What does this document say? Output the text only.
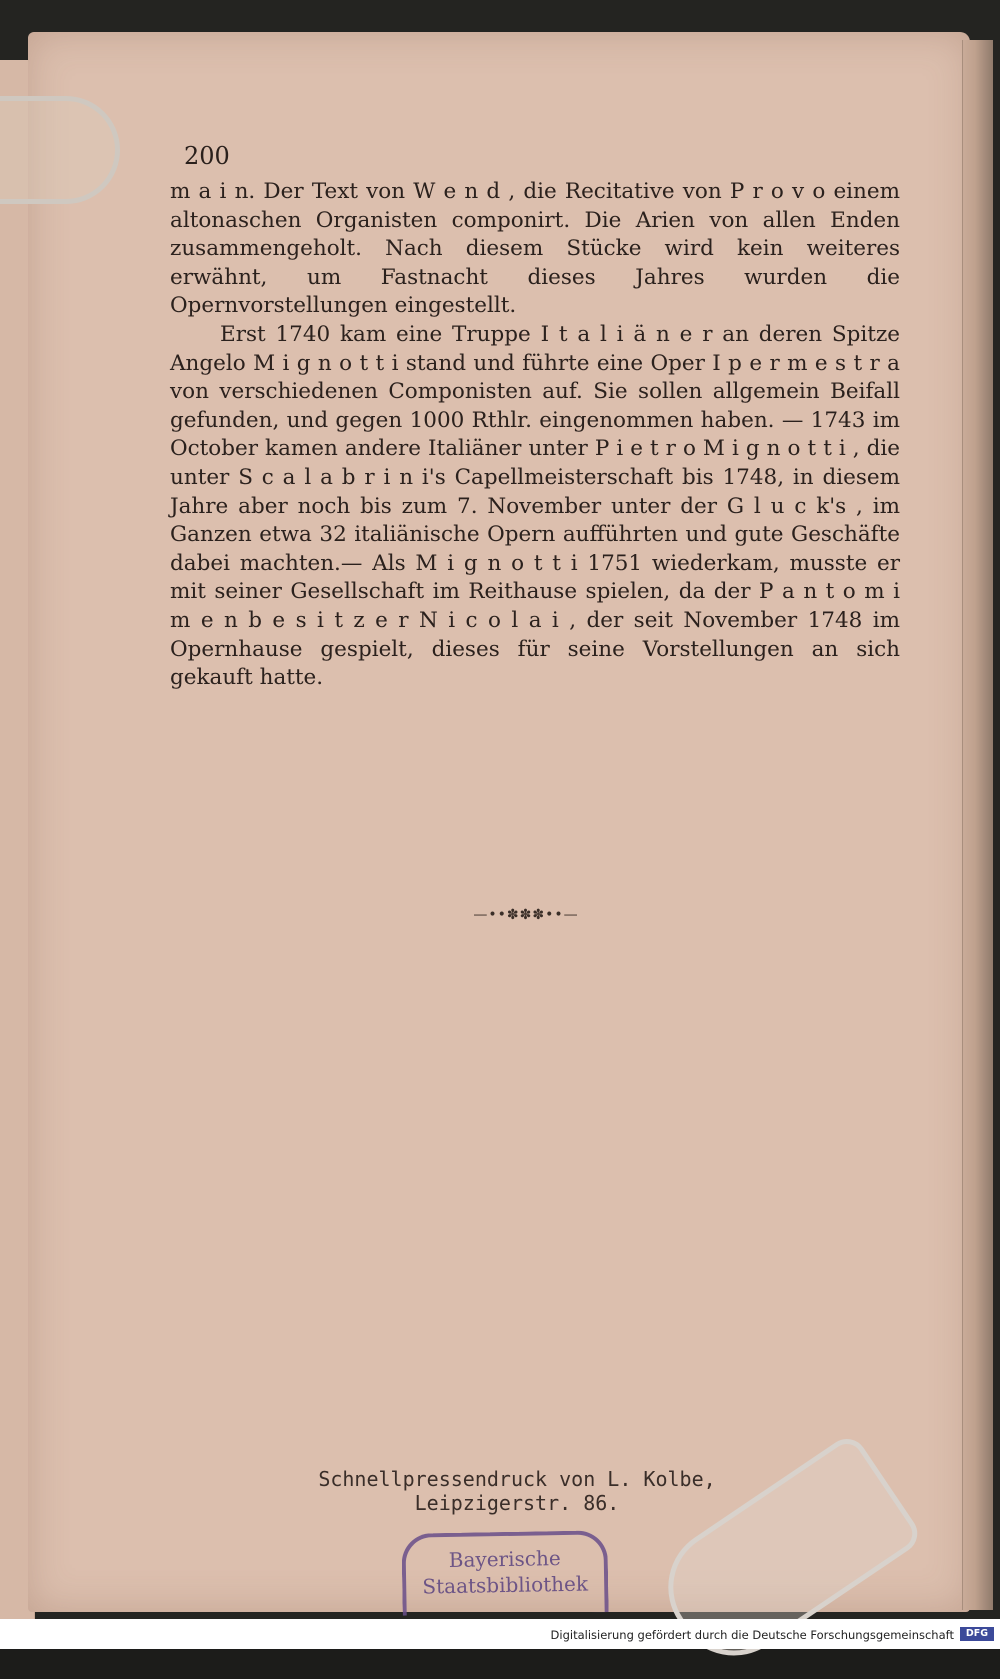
200

m a i n. Der Text von W e n d , die Recitative von P r o v o einem altonaschen Organisten componirt. Die Arien von allen Enden zusammengeholt. Nach diesem Stücke wird kein weiteres erwähnt, um Fastnacht dieses Jahres wurden die Opernvorstellungen eingestellt.

Erst 1740 kam eine Truppe I t a l i ä n e r an deren Spitze Angelo M i g n o t t i stand und führte eine Oper I p e r m e s t r a von verschiedenen Componisten auf. Sie sollen allgemein Beifall gefunden, und gegen 1000 Rthlr. eingenommen haben. — 1743 im October kamen andere Italiäner unter P i e t r o M i g n o t t i , die unter S c a l a b r i n i's Capellmeisterschaft bis 1748, in diesem Jahre aber noch bis zum 7. November unter der G l u c k's , im Ganzen etwa 32 italiänische Opern aufführten und gute Geschäfte dabei machten.— Als M i g n o t t i 1751 wiederkam, musste er mit seiner Gesellschaft im Reithause spielen, da der P a n t o m i m e n b e s i t z e r N i c o l a i , der seit November 1748 im Opernhause gespielt, dieses für seine Vorstellungen an sich gekauft hatte.

—••✽✽✽••—
Schnellpressendruck von L. Kolbe, Leipzigerstr. 86.
Bayerische
Staatsbibliothek
Digitalisierung gefördert durch die Deutsche Forschungsgemeinschaft	DFG
